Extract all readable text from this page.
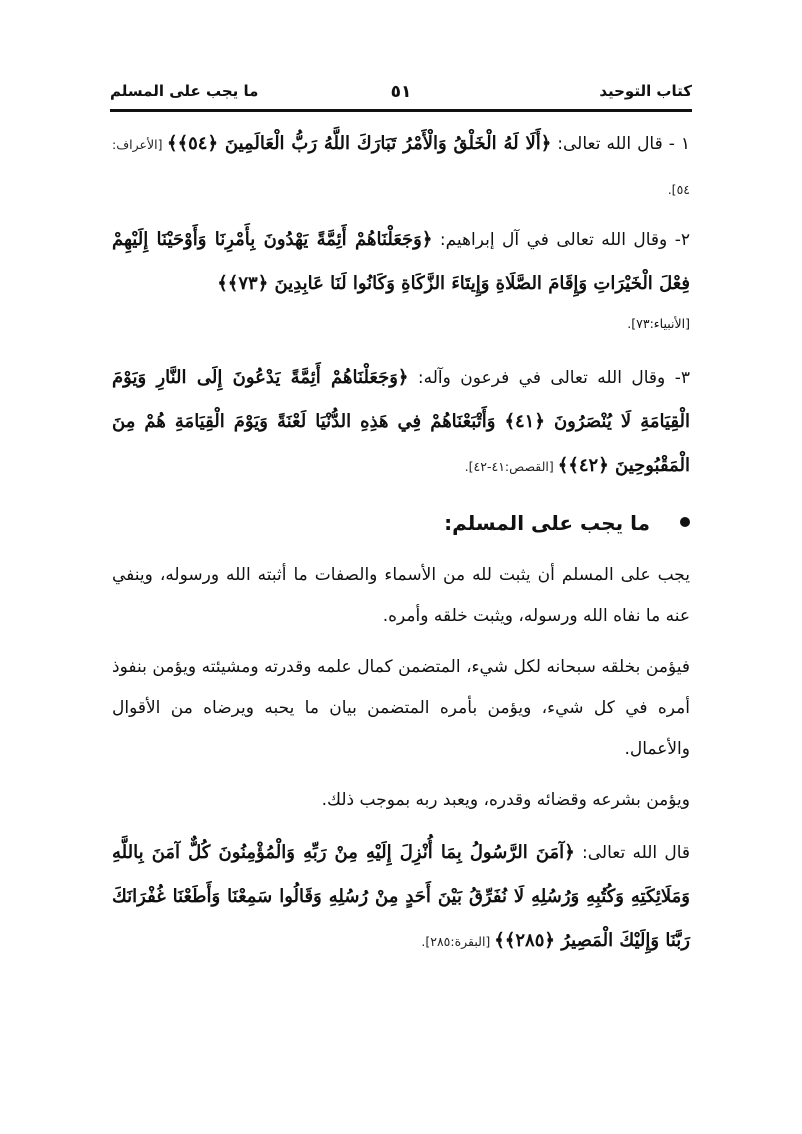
كتاب التوحيد
٥١
ما يجب على المسلم
١ - قال الله تعالى: ﴿أَلَا لَهُ الْخَلْقُ وَالْأَمْرُ تَبَارَكَ اللَّهُ رَبُّ الْعَالَمِينَ ﴿٥٤﴾﴾ [الأعراف: ٥٤].
٢- وقال الله تعالى في آل إبراهيم: ﴿وَجَعَلْنَاهُمْ أَئِمَّةً يَهْدُونَ بِأَمْرِنَا وَأَوْحَيْنَا إِلَيْهِمْ فِعْلَ الْخَيْرَاتِ وَإِقَامَ الصَّلَاةِ وَإِيتَاءَ الزَّكَاةِ وَكَانُوا لَنَا عَابِدِينَ ﴿٧٣﴾﴾
[الأنبياء:٧٣].
٣- وقال الله تعالى في فرعون وآله: ﴿وَجَعَلْنَاهُمْ أَئِمَّةً يَدْعُونَ إِلَى النَّارِ وَيَوْمَ الْقِيَامَةِ لَا يُنْصَرُونَ ﴿٤١﴾ وَأَتْبَعْنَاهُمْ فِي هَذِهِ الدُّنْيَا لَعْنَةً وَيَوْمَ الْقِيَامَةِ هُمْ مِنَ الْمَقْبُوحِينَ ﴿٤٢﴾﴾ [القصص:٤١-٤٢].
ما يجب على المسلم:

يجب على المسلم أن يثبت لله من الأسماء والصفات ما أثبته الله ورسوله، وينفي عنه ما نفاه الله ورسوله، ويثبت خلقه وأمره.

فيؤمن بخلقه سبحانه لكل شيء، المتضمن كمال علمه وقدرته ومشيئته ويؤمن بنفوذ أمره في كل شيء، ويؤمن بأمره المتضمن بيان ما يحبه ويرضاه من الأقوال والأعمال.

ويؤمن بشرعه وقضائه وقدره، ويعبد ربه بموجب ذلك.

قال الله تعالى: ﴿آمَنَ الرَّسُولُ بِمَا أُنْزِلَ إِلَيْهِ مِنْ رَبِّهِ وَالْمُؤْمِنُونَ كُلٌّ آمَنَ بِاللَّهِ وَمَلَائِكَتِهِ وَكُتُبِهِ وَرُسُلِهِ لَا نُفَرِّقُ بَيْنَ أَحَدٍ مِنْ رُسُلِهِ وَقَالُوا سَمِعْنَا وَأَطَعْنَا غُفْرَانَكَ رَبَّنَا وَإِلَيْكَ الْمَصِيرُ ﴿٢٨٥﴾﴾ [البقرة:٢٨٥].
